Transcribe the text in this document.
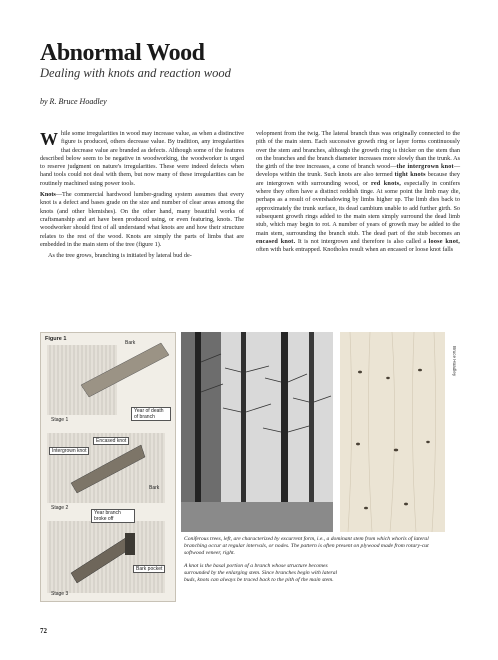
Abnormal Wood
Dealing with knots and reaction wood
by R. Bruce Hoadley

While some irregularities in wood may increase value, as when a distinctive figure is produced, others decrease value. By tradition, any irregularities that decrease value are branded as defects. Although some of the features described below seem to be negative in woodworking, the woodworker is urged to reserve judgment on nature's irregularities. These were indeed defects when hand tools could not deal with them, but now many of these irregularities can be routinely machined using power tools.

Knots—The commercial hardwood lumber-grading system assumes that every knot is a defect and bases grade on the size and number of clear areas among the knots (and other blemishes). On the other hand, many beautiful works of craftsmanship and art have been produced using, or even featuring, knots. The woodworker should first of all understand what knots are and how their structure relates to the rest of the wood. Knots are simply the parts of limbs that are embedded in the main stem of the tree (figure 1).

As the tree grows, branching is initiated by lateral bud de-

velopment from the twig. The lateral branch thus was originally connected to the pith of the main stem. Each successive growth ring or layer forms continuously over the stem and branches, although the growth ring is thicker on the stem than on the branches and the branch diameter increases more slowly than the trunk. As the girth of the tree increases, a cone of branch wood—the intergrown knot—develops within the trunk. Such knots are also termed tight knots because they are intergrown with surrounding wood, or red knots, especially in conifers where they often have a distinct reddish tinge. At some point the limb may die, perhaps as a result of overshadowing by limbs higher up. The limb dies back to approximately the trunk surface, its dead cambium unable to add further girth. So subsequent growth rings added to the main stem simply surround the dead limb stub, which may begin to rot. A number of years of growth may be added to the main stem, surrounding the branch stub. The dead part of the stub becomes an encased knot. It is not intergrown and therefore is also called a loose knot, often with bark entrapped. Knotholes result when an encased or loose knot falls

Figure 1
Bark
Stage 1
Year of death of branch
Encased knot
Intergrown knot
Bark
Stage 2
Year branch broke off
Bark pocket
Stage 3
Bruce Hoadley
Coniferous trees, left, are characterized by excurrent form, i.e., a dominant stem from which whorls of lateral branching occur at regular intervals, or nodes. The pattern is often present on plywood made from rotary-cut softwood veneer, right.
A knot is the basal portion of a branch whose structure becomes surrounded by the enlarging stem. Since branches begin with lateral buds, knots can always be traced back to the pith of the main stem.
72
